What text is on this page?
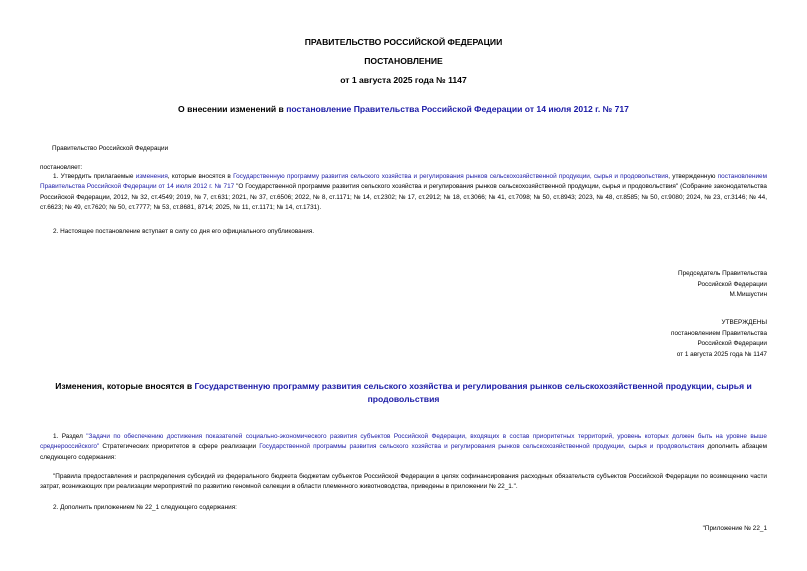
ПРАВИТЕЛЬСТВО РОССИЙСКОЙ ФЕДЕРАЦИИ
ПОСТАНОВЛЕНИЕ
от 1 августа 2025 года № 1147
О внесении изменений в постановление Правительства Российской Федерации от 14 июля 2012 г. № 717
Правительство Российской Федерации
постановляет:
1. Утвердить прилагаемые изменения, которые вносятся в Государственную программу развития сельского хозяйства и регулирования рынков сельскохозяйственной продукции, сырья и продовольствия, утвержденную постановлением Правительства Российской Федерации от 14 июля 2012 г. № 717 "О Государственной программе развития сельского хозяйства и регулирования рынков сельскохозяйственной продукции, сырья и продовольствия" (Собрание законодательства Российской Федерации, 2012, № 32, ст.4549; 2019, № 7, ст.631; 2021, № 37, ст.6506; 2022, № 8, ст.1171; № 14, ст.2302; № 17, ст.2912; № 18, ст.3066; № 41, ст.7098; № 50, ст.8943; 2023, № 48, ст.8585; № 50, ст.9080; 2024, № 23, ст.3146; № 44, ст.6623; № 49, ст.7620; № 50, ст.7777; № 53, ст.8681, 8714; 2025, № 11, ст.1171; № 14, ст.1731).
2. Настоящее постановление вступает в силу со дня его официального опубликования.
Председатель Правительства
Российской Федерации
М.Мишустин
УТВЕРЖДЕНЫ
постановлением Правительства
Российской Федерации
от 1 августа 2025 года № 1147
Изменения, которые вносятся в Государственную программу развития сельского хозяйства и регулирования рынков сельскохозяйственной продукции, сырья и продовольствия
1. Раздел "Задачи по обеспечению достижения показателей социально-экономического развития субъектов Российской Федерации, входящих в состав приоритетных территорий, уровень которых должен быть на уровне выше среднероссийского" Стратегических приоритетов в сфере реализации Государственной программы развития сельского хозяйства и регулирования рынков сельскохозяйственной продукции, сырья и продовольствия дополнить абзацем следующего содержания:
"Правила предоставления и распределения субсидий из федерального бюджета бюджетам субъектов Российской Федерации в целях софинансирования расходных обязательств субъектов Российской Федерации по возмещению части затрат, возникающих при реализации мероприятий по развитию геномной селекции в области племенного животноводства, приведены в приложении № 22_1.".
2. Дополнить приложением № 22_1 следующего содержания:
"Приложение № 22_1
